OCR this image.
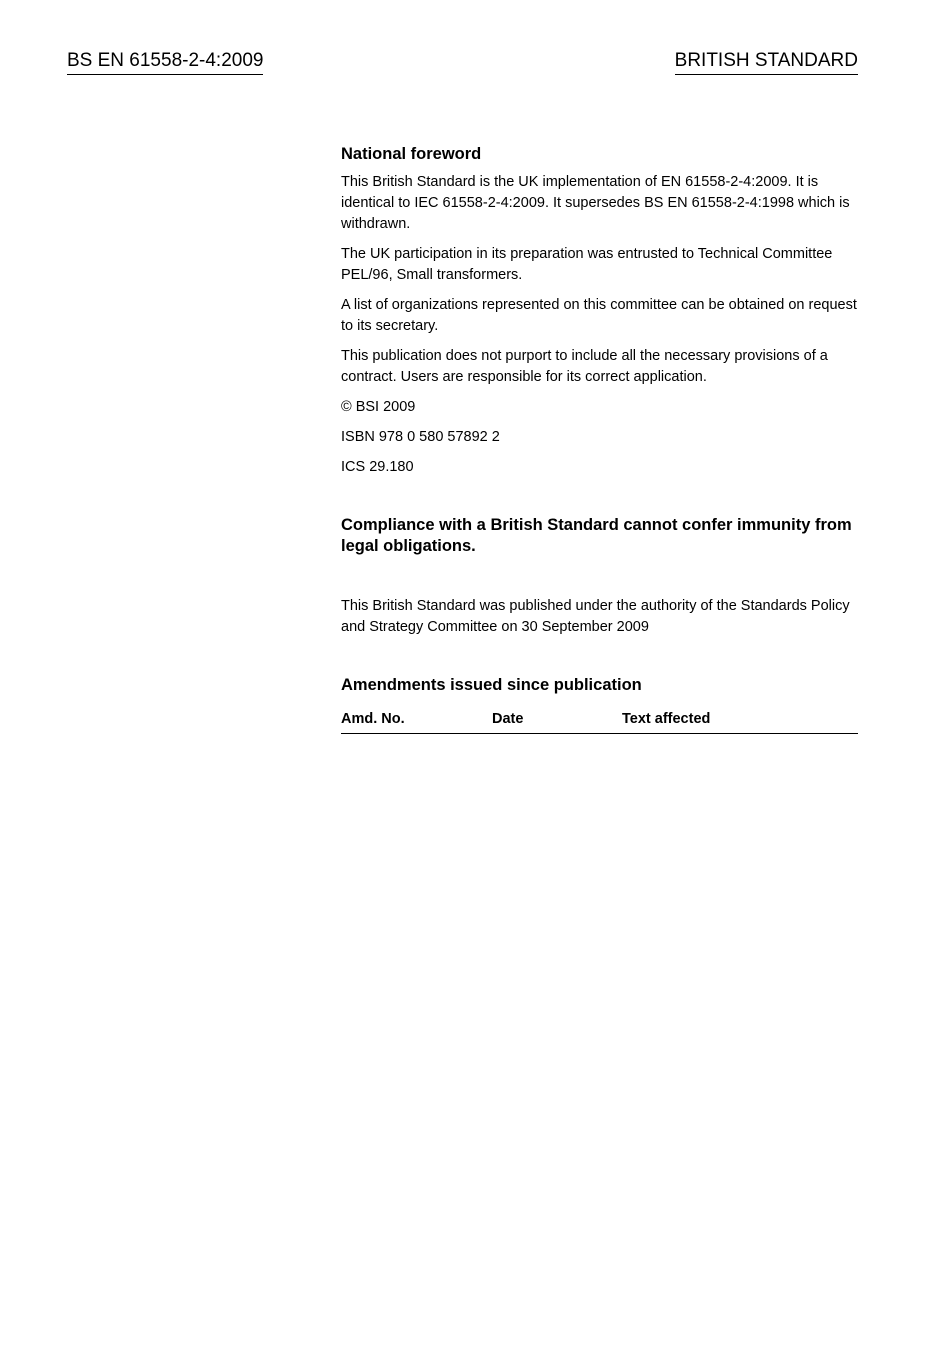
BS EN 61558-2-4:2009	BRITISH STANDARD
National foreword

This British Standard is the UK implementation of EN 61558-2-4:2009. It is identical to IEC 61558-2-4:2009. It supersedes BS EN 61558-2-4:1998 which is withdrawn.

The UK participation in its preparation was entrusted to Technical Committee PEL/96, Small transformers.

A list of organizations represented on this committee can be obtained on request to its secretary.

This publication does not purport to include all the necessary provisions of a contract. Users are responsible for its correct application.

© BSI 2009

ISBN 978 0 580 57892 2

ICS 29.180

Compliance with a British Standard cannot confer immunity from legal obligations.
This British Standard was published under the authority of the Standards Policy and Strategy Committee on 30 September 2009
Amendments issued since publication
Amd. No.	Date	Text affected
